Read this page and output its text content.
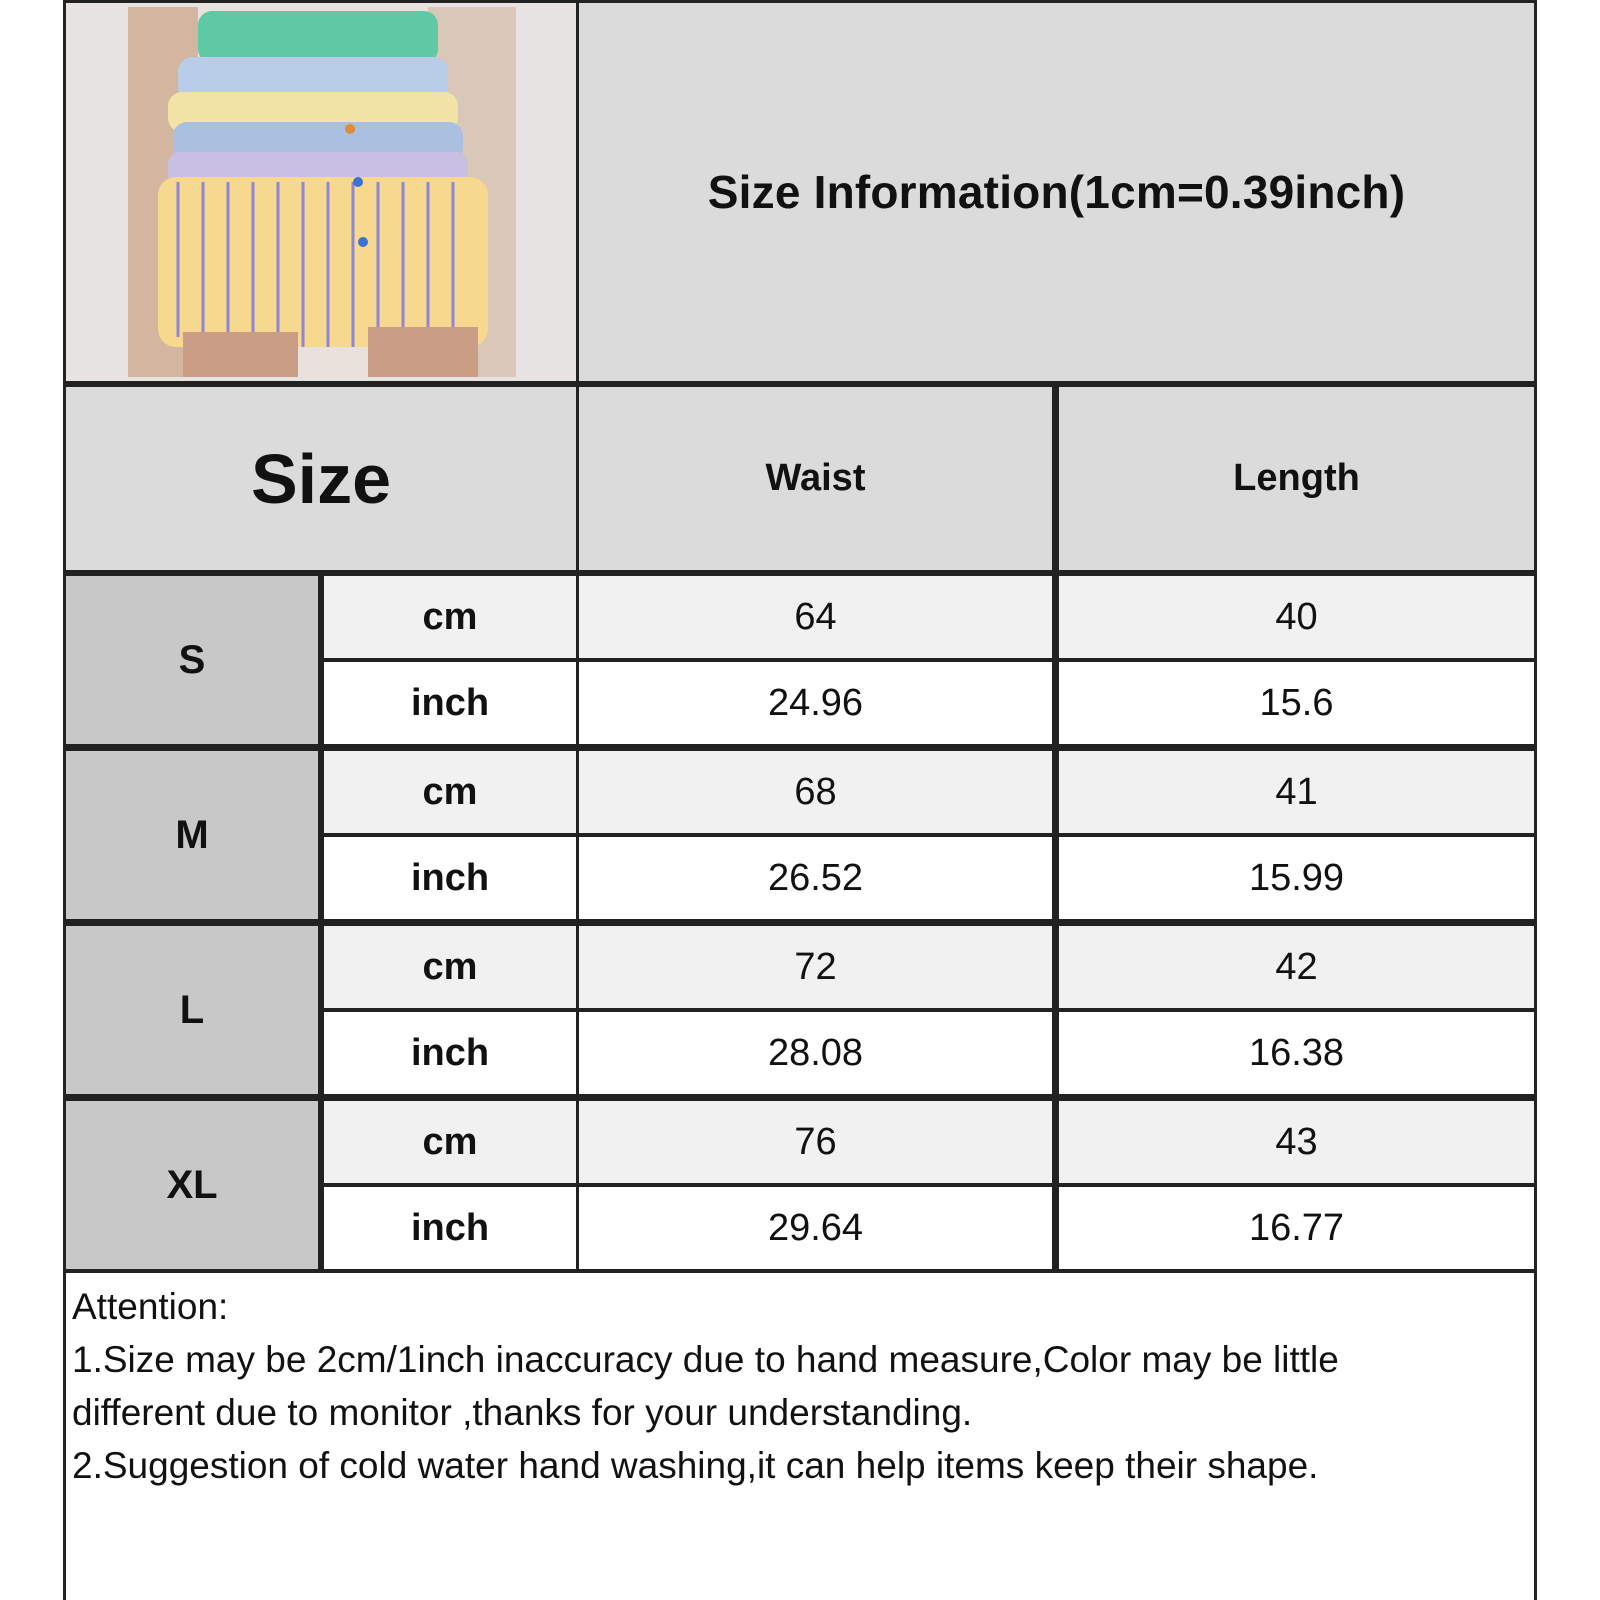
Size Information(1cm=0.39inch)
Size	Waist	Length
S
cm	64	40
inch	24.96	15.6
M
cm	68	41
inch	26.52	15.99
L
cm	72	42
inch	28.08	16.38
XL
cm	76	43
inch	29.64	16.77
Attention:
1.Size may be 2cm/1inch inaccuracy due to hand measure,Color may be little
different due to monitor ,thanks for your understanding.
2.Suggestion of cold water hand washing,it can help items keep their shape.
